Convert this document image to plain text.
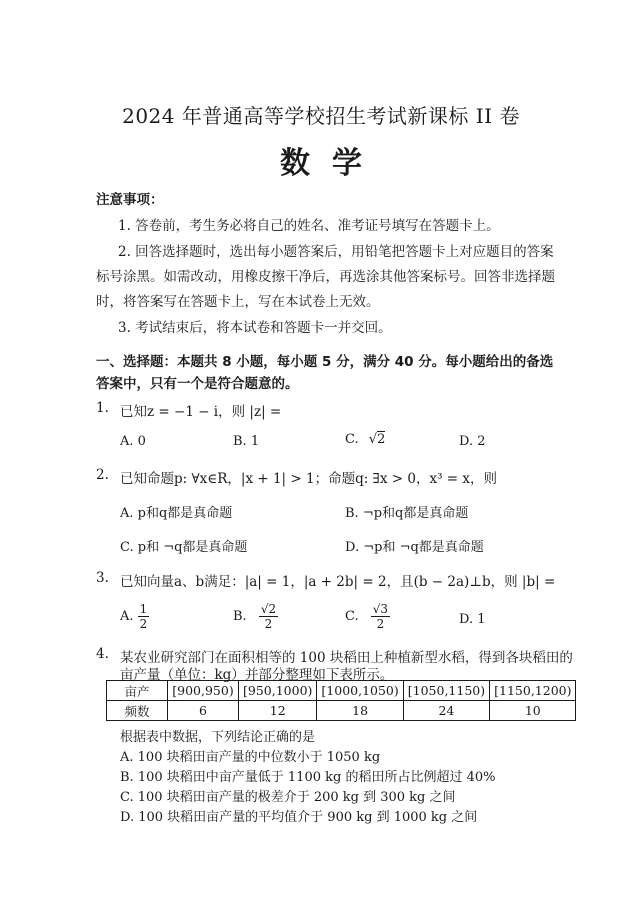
2024 年普通高等学校招生考试新课标 II 卷
数学
注意事项：
1. 答卷前，考生务必将自己的姓名、准考证号填写在答题卡上。
2. 回答选择题时，选出每小题答案后，用铅笔把答题卡上对应题目的答案
标号涂黑。如需改动，用橡皮擦干净后，再选涂其他答案标号。回答非选择题
时，将答案写在答题卡上，写在本试卷上无效。
3. 考试结束后，将本试卷和答题卡一并交回。
一、选择题：本题共 8 小题，每小题 5 分，满分 40 分。每小题给出的备选答案中，只有一个是符合题意的。
1. 已知z = −1 − i，则 |z| =
A. 0	B. 1	C. √2	D. 2
2. 已知命题p: ∀x∈R，|x + 1| > 1；命题q: ∃x > 0，x³ = x，则
A. p和q都是真命题	B. ¬p和q都是真命题
C. p和 ¬q都是真命题	D. ¬p和 ¬q都是真命题
3. 已知向量a、b满足：|a| = 1，|a + 2b| = 2，且(b − 2a)⊥b，则 |b| =
A. $\frac{1}{2}$	B. $\frac{√2}{2}$	C. $\frac{√3}{2}$	D. 1
4. 某农业研究部门在面积相等的 100 块稻田上种植新型水稻，得到各块稻田的
亩产量（单位：kg）并部分整理如下表所示。
亩产	[900,950)	[950,1000)	[1000,1050)	[1050,1150)	[1150,1200)
频数	6	12	18	24	10
根据表中数据，下列结论正确的是
A. 100 块稻田亩产量的中位数小于 1050 kg
B. 100 块稻田中亩产量低于 1100 kg 的稻田所占比例超过 40%
C. 100 块稻田亩产量的极差介于 200 kg 到 300 kg 之间
D. 100 块稻田亩产量的平均值介于 900 kg 到 1000 kg 之间
